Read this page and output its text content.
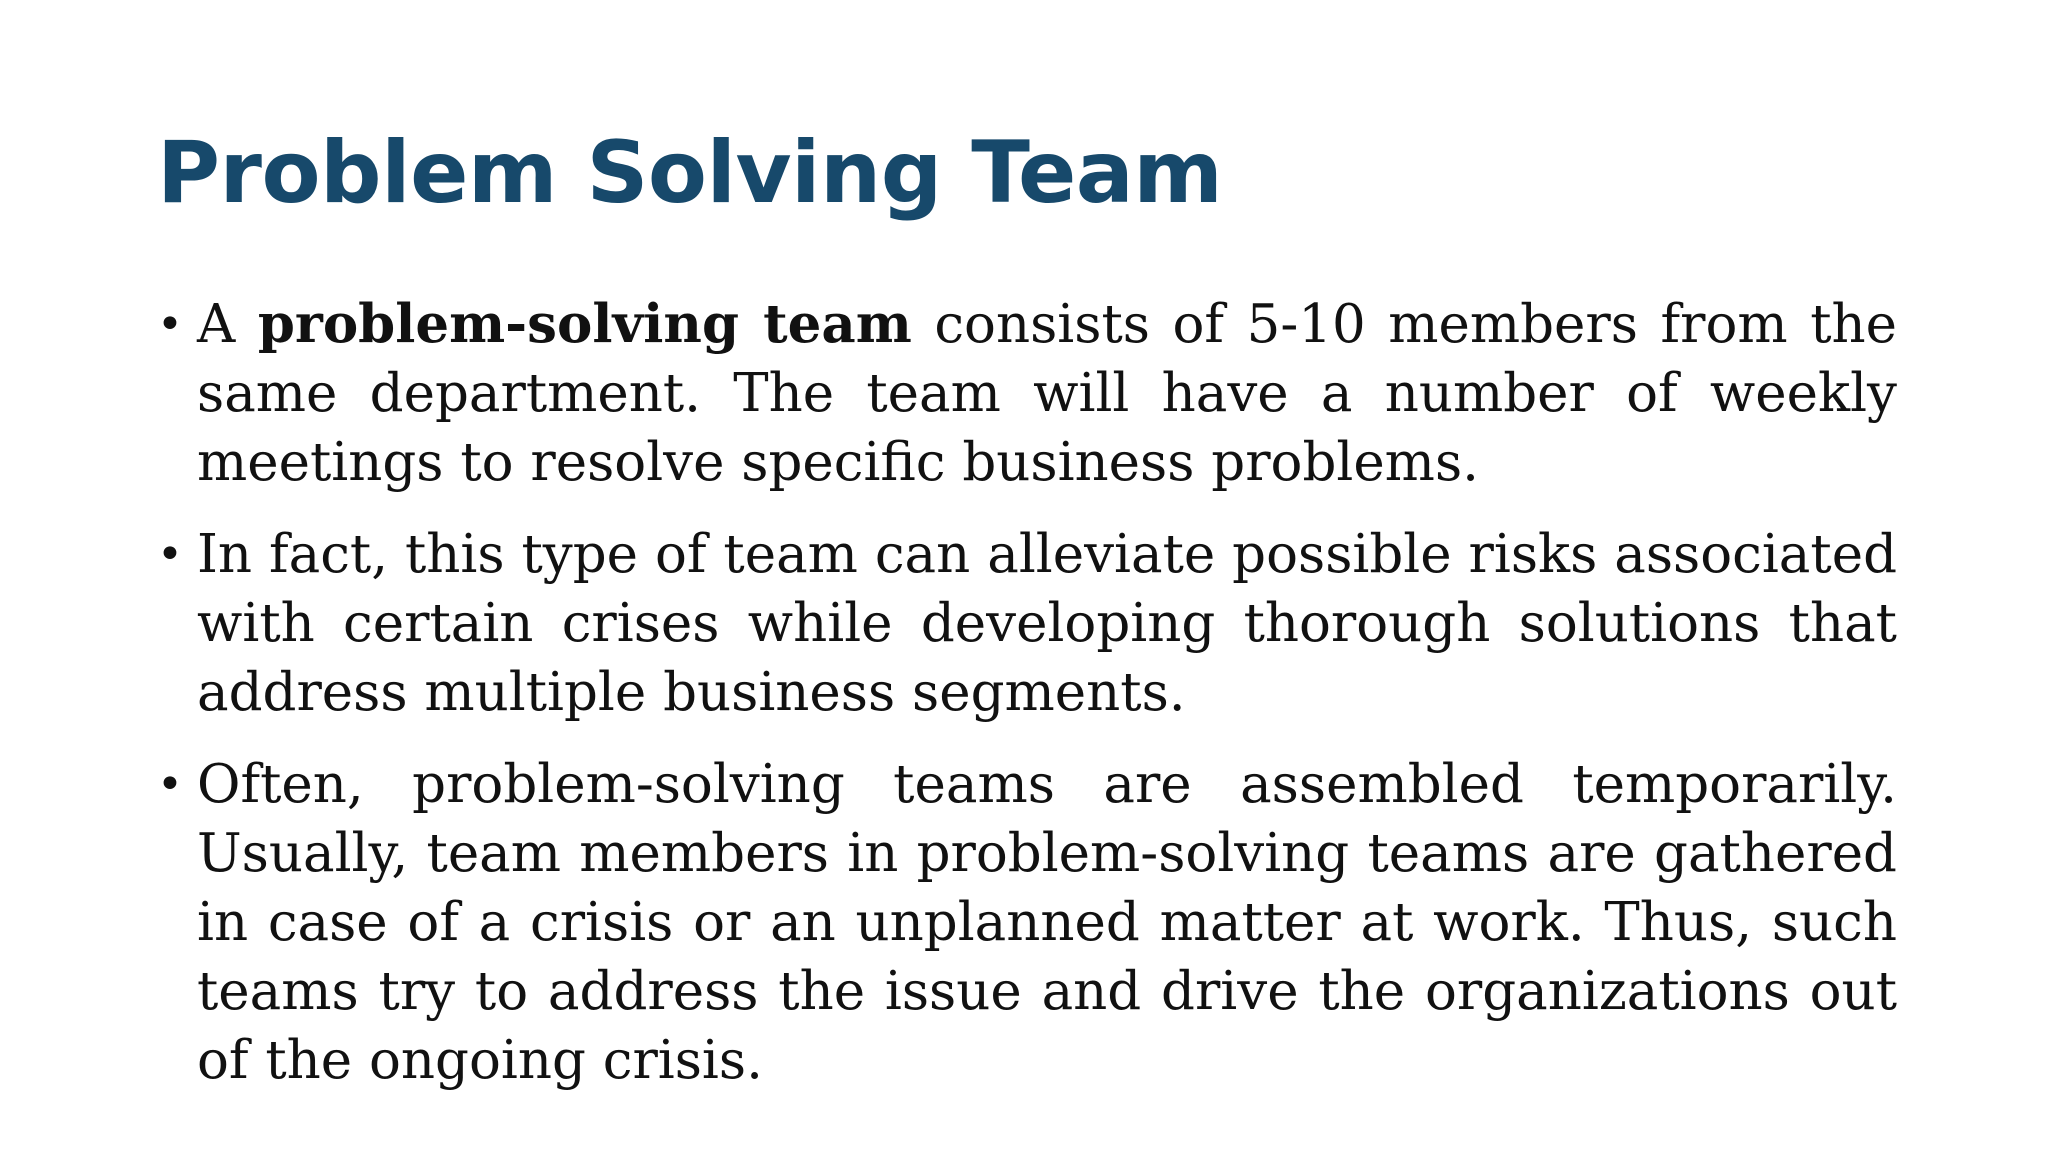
Problem Solving Team
• A problem-solving team consists of 5-10 members from the same department. The team will have a number of weekly meetings to resolve specific business problems.
• In fact, this type of team can alleviate possible risks associated with certain crises while developing thorough solutions that address multiple business segments.
• Often, problem-solving teams are assembled temporarily. Usually, team members in problem-solving teams are gathered in case of a crisis or an unplanned matter at work. Thus, such teams try to address the issue and drive the organizations out of the ongoing crisis.
